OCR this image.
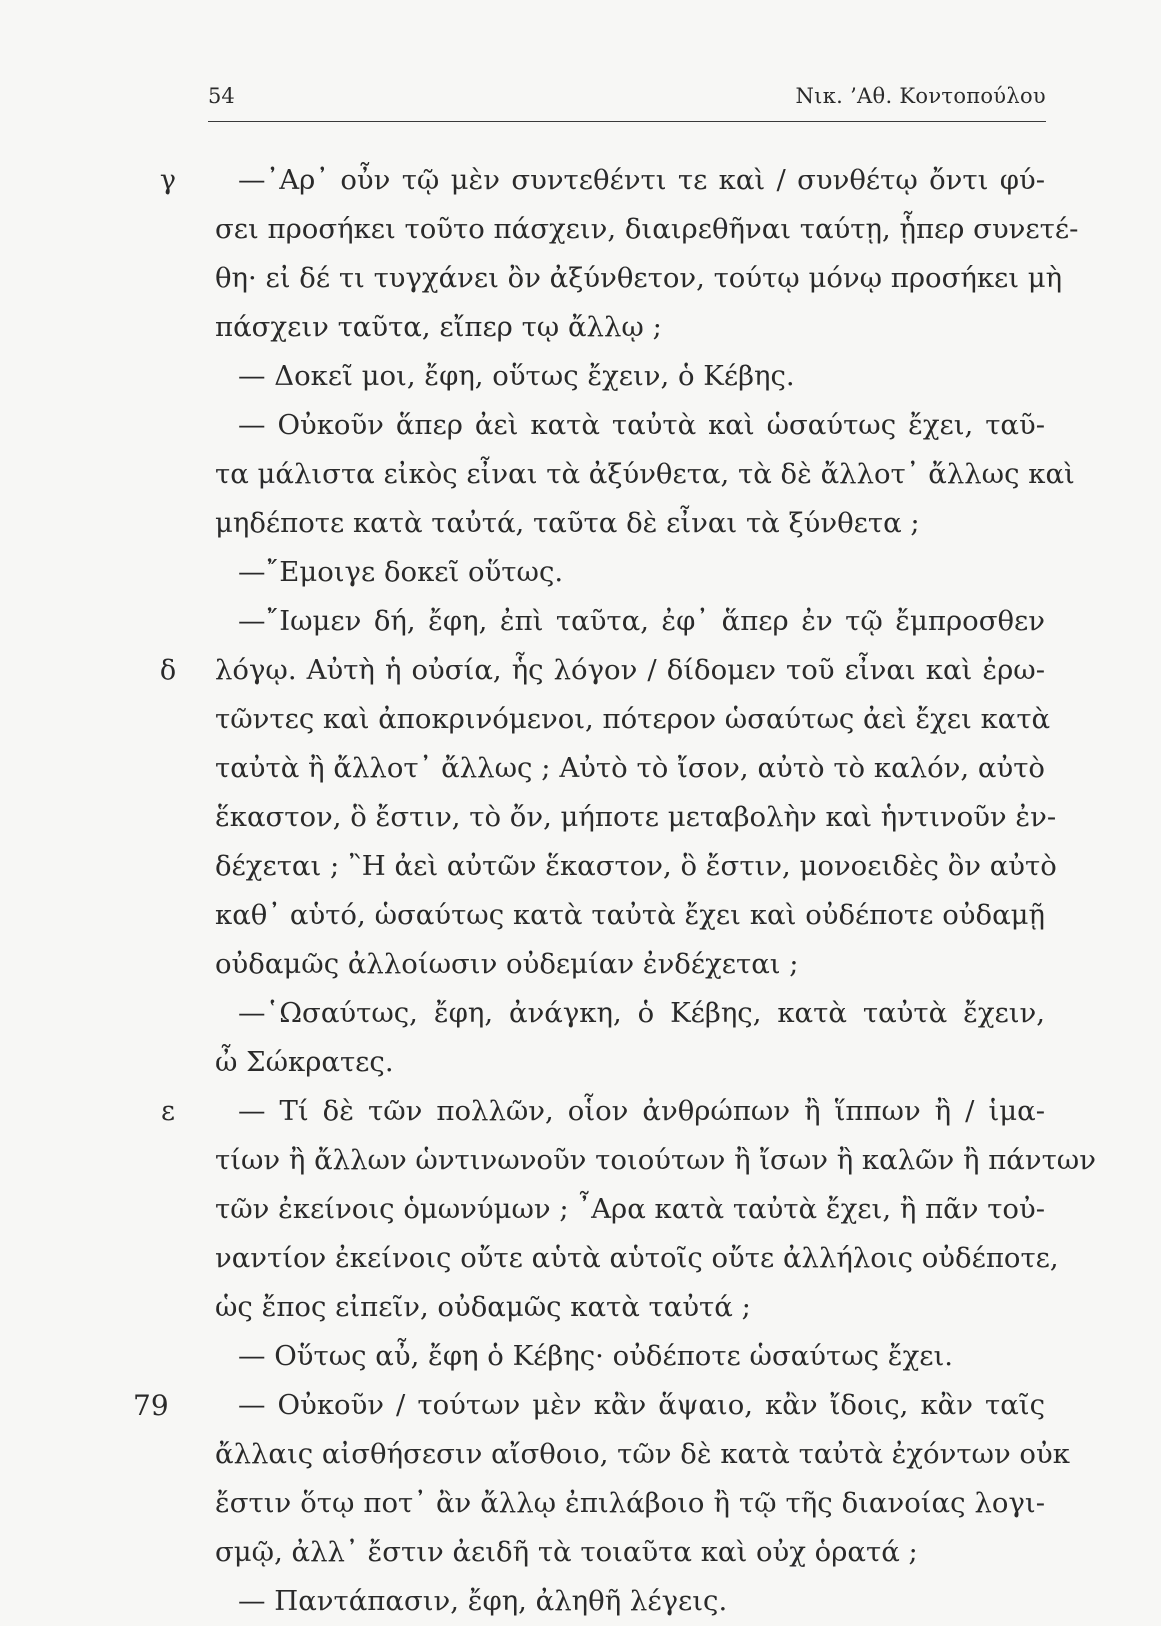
54	Νικ. ’Αθ. Κοντοπούλου
γ	—᾿Αρ᾿ οὖν τῷ μὲν συντεθέντι τε καὶ / συνθέτῳ ὄντι φύ-
σει προσήκει τοῦτο πάσχειν, διαιρεθῆναι ταύτῃ, ᾗπερ συνετέ-
θη· εἰ δέ τι τυγχάνει ὂν ἀξύνθετον, τούτῳ μόνῳ προσήκει μὴ
πάσχειν ταῦτα, εἴπερ τῳ ἄλλῳ ;
— Δοκεῖ μοι, ἔφη, οὕτως ἔχειν, ὁ Κέβης.
— Οὐκοῦν ἅπερ ἀεὶ κατὰ ταὐτὰ καὶ ὡσαύτως ἔχει, ταῦ-
τα μάλιστα εἰκὸς εἶναι τὰ ἀξύνθετα, τὰ δὲ ἄλλοτ᾿ ἄλλως καὶ
μηδέποτε κατὰ ταὐτά, ταῦτα δὲ εἶναι τὰ ξύνθετα ;
—῎Εμοιγε δοκεῖ οὕτως.
—῎Ιωμεν δή, ἔφη, ἐπὶ ταῦτα, ἐφ᾿ ἅπερ ἐν τῷ ἔμπροσθεν
δ	λόγῳ. Αὐτὴ ἡ οὐσία, ἧς λόγον / δίδομεν τοῦ εἶναι καὶ ἐρω-
τῶντες καὶ ἀποκρινόμενοι, πότερον ὡσαύτως ἀεὶ ἔχει κατὰ
ταὐτὰ ἢ ἄλλοτ᾿ ἄλλως ; Αὐτὸ τὸ ἴσον, αὐτὸ τὸ καλόν, αὐτὸ
ἕκαστον, ὃ ἔστιν, τὸ ὄν, μήποτε μεταβολὴν καὶ ἡντινοῦν ἐν-
δέχεται ; ῍Η ἀεὶ αὐτῶν ἕκαστον, ὃ ἔστιν, μονοειδὲς ὂν αὐτὸ
καθ᾿ αὑτό, ὡσαύτως κατὰ ταὐτὰ ἔχει καὶ οὐδέποτε οὐδαμῇ
οὐδαμῶς ἀλλοίωσιν οὐδεμίαν ἐνδέχεται ;
—῾Ωσαύτως, ἔφη, ἀνάγκη, ὁ Κέβης, κατὰ ταὐτὰ ἔχειν,
ὦ Σώκρατες.
ε	— Τί δὲ τῶν πολλῶν, οἷον ἀνθρώπων ἢ ἵππων ἢ / ἱμα-
τίων ἢ ἄλλων ὡντινωνοῦν τοιούτων ἢ ἴσων ἢ καλῶν ἢ πάντων
τῶν ἐκείνοις ὁμωνύμων ; ῏Αρα κατὰ ταὐτὰ ἔχει, ἢ πᾶν τοὐ-
ναντίον ἐκείνοις οὔτε αὑτὰ αὑτοῖς οὔτε ἀλλήλοις οὐδέποτε,
ὡς ἔπος εἰπεῖν, οὐδαμῶς κατὰ ταὐτά ;
— Οὕτως αὖ, ἔφη ὁ Κέβης· οὐδέποτε ὡσαύτως ἔχει.
79	— Οὐκοῦν / τούτων μὲν κἂν ἅψαιο, κἂν ἴδοις, κἂν ταῖς
ἄλλαις αἰσθήσεσιν αἴσθοιο, τῶν δὲ κατὰ ταὐτὰ ἐχόντων οὐκ
ἔστιν ὅτῳ ποτ᾿ ἂν ἄλλῳ ἐπιλάβοιο ἢ τῷ τῆς διανοίας λογι-
σμῷ, ἀλλ᾿ ἔστιν ἀειδῆ τὰ τοιαῦτα καὶ οὐχ ὁρατά ;
— Παντάπασιν, ἔφη, ἀληθῆ λέγεις.
